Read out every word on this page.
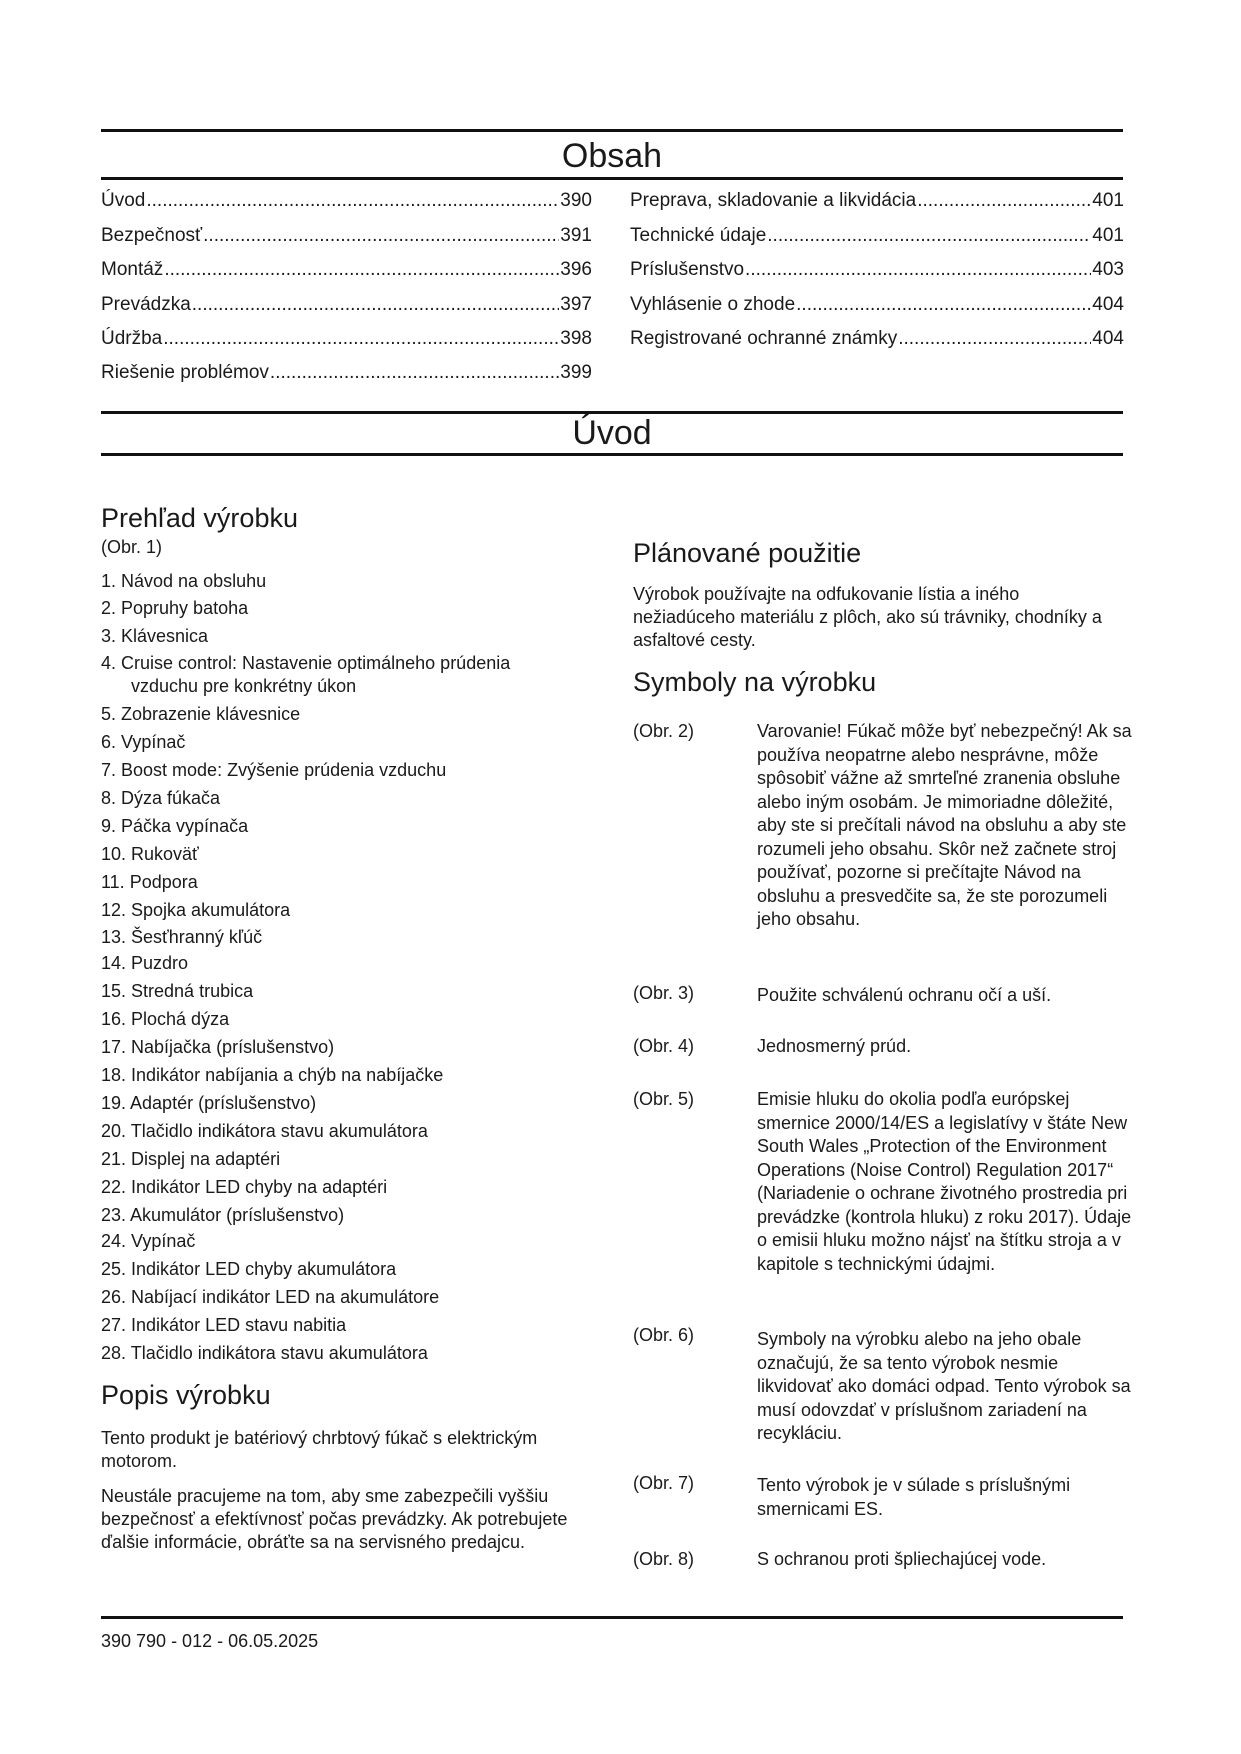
Obsah
Úvod .....	390
Bezpečnosť .....	391
Montáž .....	396
Prevádzka .....	397
Údržba .....	398
Riešenie problémov .....	399
Preprava, skladovanie a likvidácia .....	401
Technické údaje .....	401
Príslušenstvo .....	403
Vyhlásenie o zhode .....	404
Registrované ochranné známky .....	404
Úvod
Prehľad výrobku
(Obr. 1)
1. Návod na obsluhu
2. Popruhy batoha
3. Klávesnica
4. Cruise control: Nastavenie optimálneho prúdenia
vzduchu pre konkrétny úkon
5. Zobrazenie klávesnice
6. Vypínač
7. Boost mode: Zvýšenie prúdenia vzduchu
8. Dýza fúkača
9. Páčka vypínača
10. Rukoväť
11. Podpora
12. Spojka akumulátora
13. Šesťhranný kľúč
14. Puzdro
15. Stredná trubica
16. Plochá dýza
17. Nabíjačka (príslušenstvo)
18. Indikátor nabíjania a chýb na nabíjačke
19. Adaptér (príslušenstvo)
20. Tlačidlo indikátora stavu akumulátora
21. Displej na adaptéri
22. Indikátor LED chyby na adaptéri
23. Akumulátor (príslušenstvo)
24. Vypínač
25. Indikátor LED chyby akumulátora
26. Nabíjací indikátor LED na akumulátore
27. Indikátor LED stavu nabitia
28. Tlačidlo indikátora stavu akumulátora
Popis výrobku
Tento produkt je batériový chrbtový fúkač s elektrickým motorom.
Neustále pracujeme na tom, aby sme zabezpečili vyššiu bezpečnosť a efektívnosť počas prevádzky. Ak potrebujete ďalšie informácie, obráťte sa na servisného predajcu.
Plánované použitie
Výrobok používajte na odfukovanie lístia a iného nežiadúceho materiálu z plôch, ako sú trávniky, chodníky a asfaltové cesty.
Symboly na výrobku
(Obr. 2)	Varovanie! Fúkač môže byť nebezpečný! Ak sa používa neopatrne alebo nesprávne, môže spôsobiť vážne až smrteľné zranenia obsluhe alebo iným osobám. Je mimoriadne dôležité, aby ste si prečítali návod na obsluhu a aby ste rozumeli jeho obsahu. Skôr než začnete stroj používať, pozorne si prečítajte Návod na obsluhu a presvedčite sa, že ste porozumeli jeho obsahu.
(Obr. 3)	Použite schválenú ochranu očí a uší.
(Obr. 4)	Jednosmerný prúd.
(Obr. 5)	Emisie hluku do okolia podľa európskej smernice 2000/14/ES a legislatívy v štáte New South Wales „Protection of the Environment Operations (Noise Control) Regulation 2017“ (Nariadenie o ochrane životného prostredia pri prevádzke (kontrola hluku) z roku 2017). Údaje o emisii hluku možno nájsť na štítku stroja a v kapitole s technickými údajmi.
(Obr. 6)	Symboly na výrobku alebo na jeho obale označujú, že sa tento výrobok nesmie likvidovať ako domáci odpad. Tento výrobok sa musí odovzdať v príslušnom zariadení na recykláciu.
(Obr. 7)	Tento výrobok je v súlade s príslušnými smernicami ES.
(Obr. 8)	S ochranou proti špliechajúcej vode.
390 790 - 012 - 06.05.2025
